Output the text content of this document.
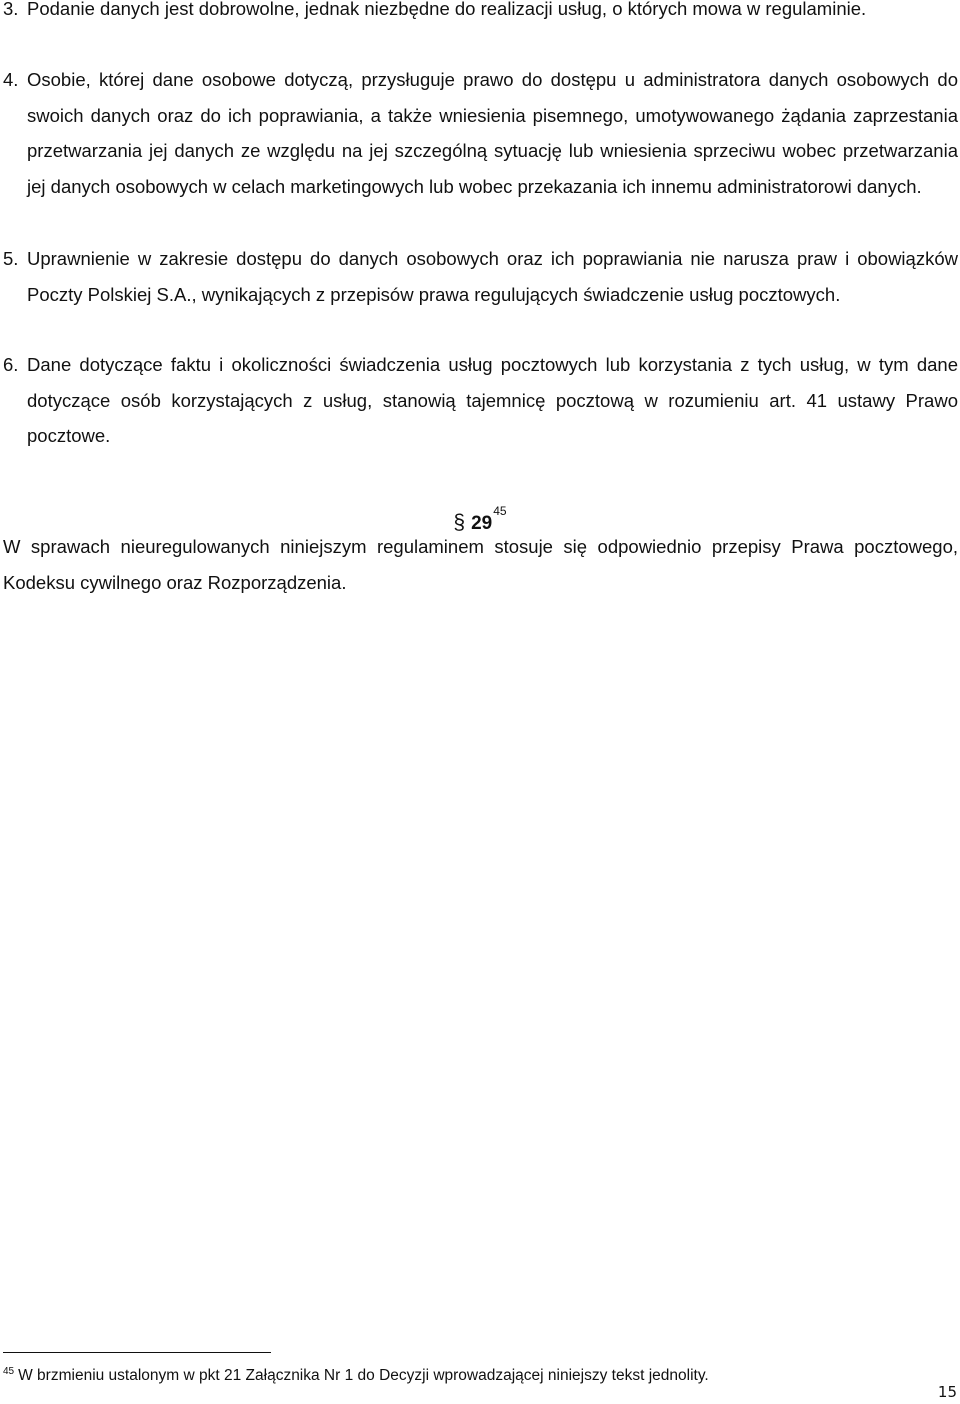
3. Podanie danych jest dobrowolne, jednak niezbędne do realizacji usług, o których mowa w regulaminie.

4. Osobie, której dane osobowe dotyczą, przysługuje prawo do dostępu u administratora danych osobowych do swoich danych oraz do ich poprawiania, a także wniesienia pisemnego, umotywowanego żądania zaprzestania przetwarzania jej danych ze względu na jej szczególną sytuację lub wniesienia sprzeciwu wobec przetwarzania jej danych osobowych w celach marketingowych lub wobec przekazania ich innemu administratorowi danych.

5. Uprawnienie w zakresie dostępu do danych osobowych oraz ich poprawiania nie narusza praw i obowiązków Poczty Polskiej S.A., wynikających z przepisów prawa regulujących świadczenie usług pocztowych.

6. Dane dotyczące faktu i okoliczności świadczenia usług pocztowych lub korzystania z tych usług, w tym dane dotyczące osób korzystających z usług, stanowią tajemnicę pocztową w rozumieniu art. 41 ustawy Prawo pocztowe.

§ $29^{45}$

W sprawach nieuregulowanych niniejszym regulaminem stosuje się odpowiednio przepisy Prawa pocztowego, Kodeksu cywilnego oraz Rozporządzenia.

$^{45}$ W brzmieniu ustalonym w pkt 21 Załącznika Nr 1 do Decyzji wprowadzającej niniejszy tekst jednolity.

15
